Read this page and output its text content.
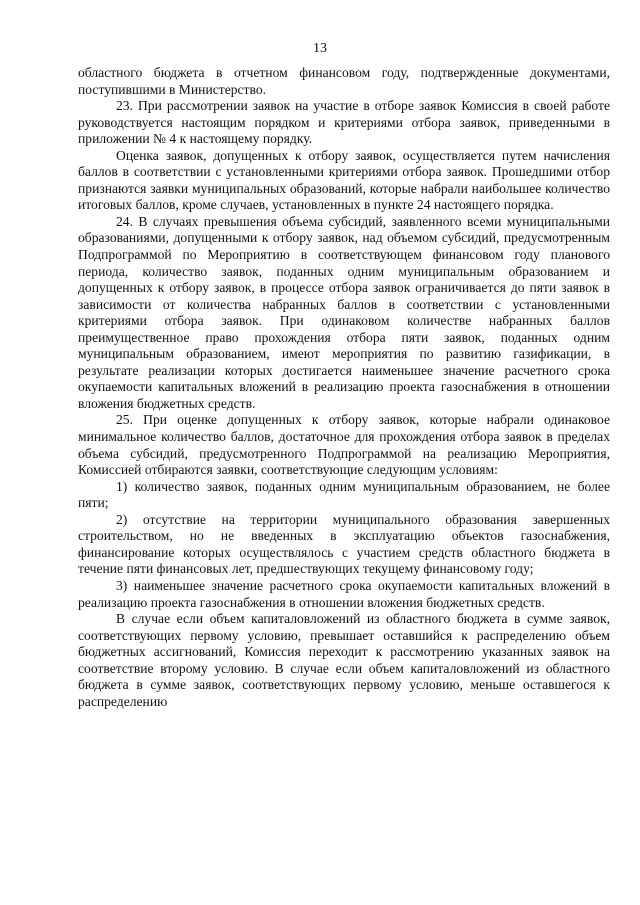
13

областного бюджета в отчетном финансовом году, подтвержденные документами, поступившими в Министерство.

23. При рассмотрении заявок на участие в отборе заявок Комиссия в своей работе руководствуется настоящим порядком и критериями отбора заявок, приведенными в приложении № 4 к настоящему порядку.

Оценка заявок, допущенных к отбору заявок, осуществляется путем начисления баллов в соответствии с установленными критериями отбора заявок. Прошедшими отбор признаются заявки муниципальных образований, которые набрали наибольшее количество итоговых баллов, кроме случаев, установленных в пункте 24 настоящего порядка.

24. В случаях превышения объема субсидий, заявленного всеми муниципальными образованиями, допущенными к отбору заявок, над объемом субсидий, предусмотренным Подпрограммой по Мероприятию в соответствующем финансовом году планового периода, количество заявок, поданных одним муниципальным образованием и допущенных к отбору заявок, в процессе отбора заявок ограничивается до пяти заявок в зависимости от количества набранных баллов в соответствии с установленными критериями отбора заявок. При одинаковом количестве набранных баллов преимущественное право прохождения отбора пяти заявок, поданных одним муниципальным образованием, имеют мероприятия по развитию газификации, в результате реализации которых достигается наименьшее значение расчетного срока окупаемости капитальных вложений в реализацию проекта газоснабжения в отношении вложения бюджетных средств.

25. При оценке допущенных к отбору заявок, которые набрали одинаковое минимальное количество баллов, достаточное для прохождения отбора заявок в пределах объема субсидий, предусмотренного Подпрограммой на реализацию Мероприятия, Комиссией отбираются заявки, соответствующие следующим условиям:

1) количество заявок, поданных одним муниципальным образованием, не более пяти;

2) отсутствие на территории муниципального образования завершенных строительством, но не введенных в эксплуатацию объектов газоснабжения, финансирование которых осуществлялось с участием средств областного бюджета в течение пяти финансовых лет, предшествующих текущему финансовому году;

3) наименьшее значение расчетного срока окупаемости капитальных вложений в реализацию проекта газоснабжения в отношении вложения бюджетных средств.

В случае если объем капиталовложений из областного бюджета в сумме заявок, соответствующих первому условию, превышает оставшийся к распределению объем бюджетных ассигнований, Комиссия переходит к рассмотрению указанных заявок на соответствие второму условию. В случае если объем капиталовложений из областного бюджета в сумме заявок, соответствующих первому условию, меньше оставшегося к распределению
